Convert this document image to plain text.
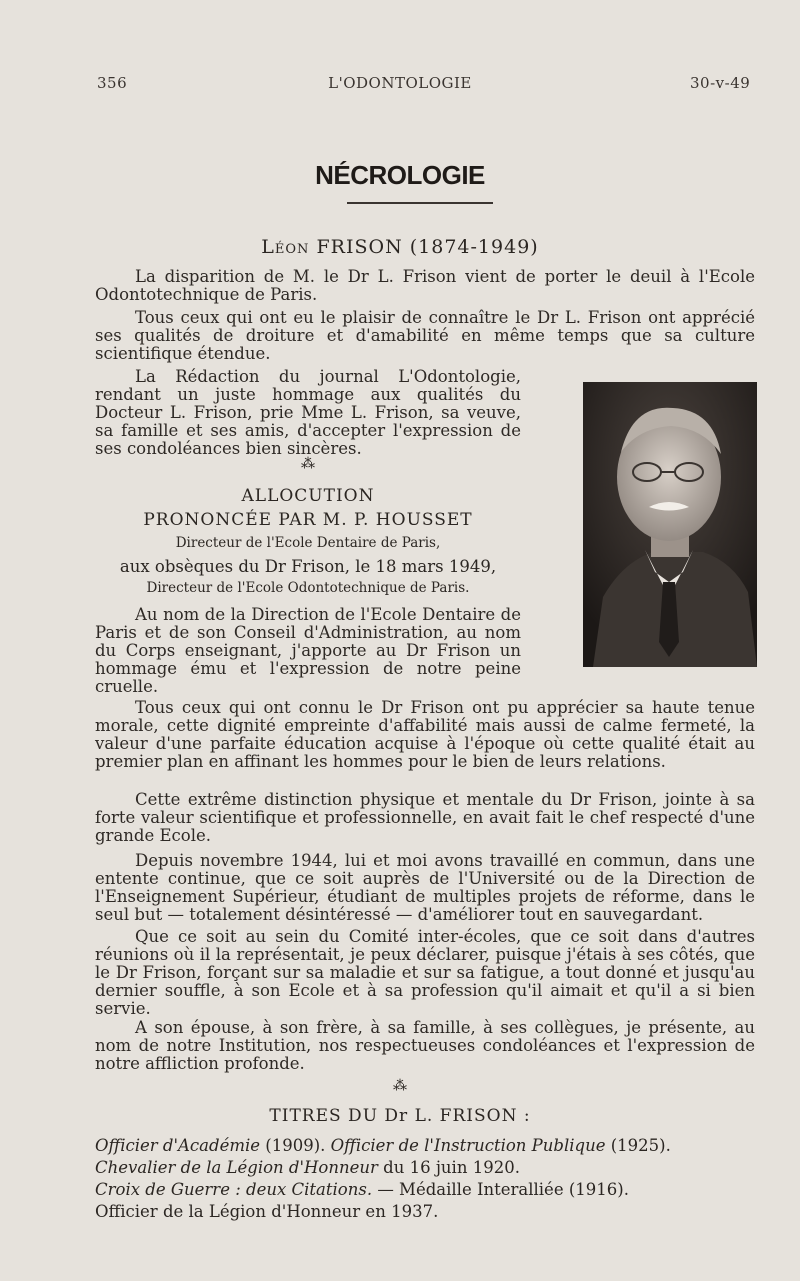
356	L'ODONTOLOGIE	30-v-49
NÉCROLOGIE
Léon FRISON (1874-1949)

La disparition de M. le Dr L. Frison vient de porter le deuil à l'Ecole Odontotechnique de Paris.

Tous ceux qui ont eu le plaisir de connaître le Dr L. Frison ont apprécié ses qualités de droiture et d'amabilité en même temps que sa culture scientifique étendue.

La Rédaction du journal L'Odontologie, rendant un juste hommage aux qualités du Docteur L. Frison, prie Mme L. Frison, sa veuve, sa famille et ses amis, d'accepter l'expression de ses condoléances bien sincères.

⁂

ALLOCUTION

PRONONCÉE PAR M. P. HOUSSET

Directeur de l'Ecole Dentaire de Paris,

aux obsèques du Dr Frison, le 18 mars 1949,

Directeur de l'Ecole Odontotechnique de Paris.

Au nom de la Direction de l'Ecole Dentaire de Paris et de son Conseil d'Administration, au nom du Corps enseignant, j'apporte au Dr Frison un hommage ému et l'expression de notre peine cruelle.

Tous ceux qui ont connu le Dr Frison ont pu apprécier sa haute tenue morale, cette dignité empreinte d'affabilité mais aussi de calme fermeté, la valeur d'une parfaite éducation acquise à l'époque où cette qualité était au premier plan en affinant les hommes pour le bien de leurs relations.

Cette extrême distinction physique et mentale du Dr Frison, jointe à sa forte valeur scientifique et professionnelle, en avait fait le chef respecté d'une grande Ecole.

Depuis novembre 1944, lui et moi avons travaillé en commun, dans une entente continue, que ce soit auprès de l'Université ou de la Direction de l'Enseignement Supérieur, étudiant de multiples projets de réforme, dans le seul but — totalement désintéressé — d'améliorer tout en sauvegardant.

Que ce soit au sein du Comité inter-écoles, que ce soit dans d'autres réunions où il la représentait, je peux déclarer, puisque j'étais à ses côtés, que le Dr Frison, forçant sur sa maladie et sur sa fatigue, a tout donné et jusqu'au dernier souffle, à son Ecole et à sa profession qu'il aimait et qu'il a si bien servie.

A son épouse, à son frère, à sa famille, à ses collègues, je présente, au nom de notre Institution, nos respectueuses condoléances et l'expression de notre affliction profonde.

⁂
TITRES DU Dr L. FRISON :

Officier d'Académie (1909). Officier de l'Instruction Publique (1925).

Chevalier de la Légion d'Honneur du 16 juin 1920.

Croix de Guerre : deux Citations. — Médaille Interalliée (1916).

Officier de la Légion d'Honneur en 1937.
